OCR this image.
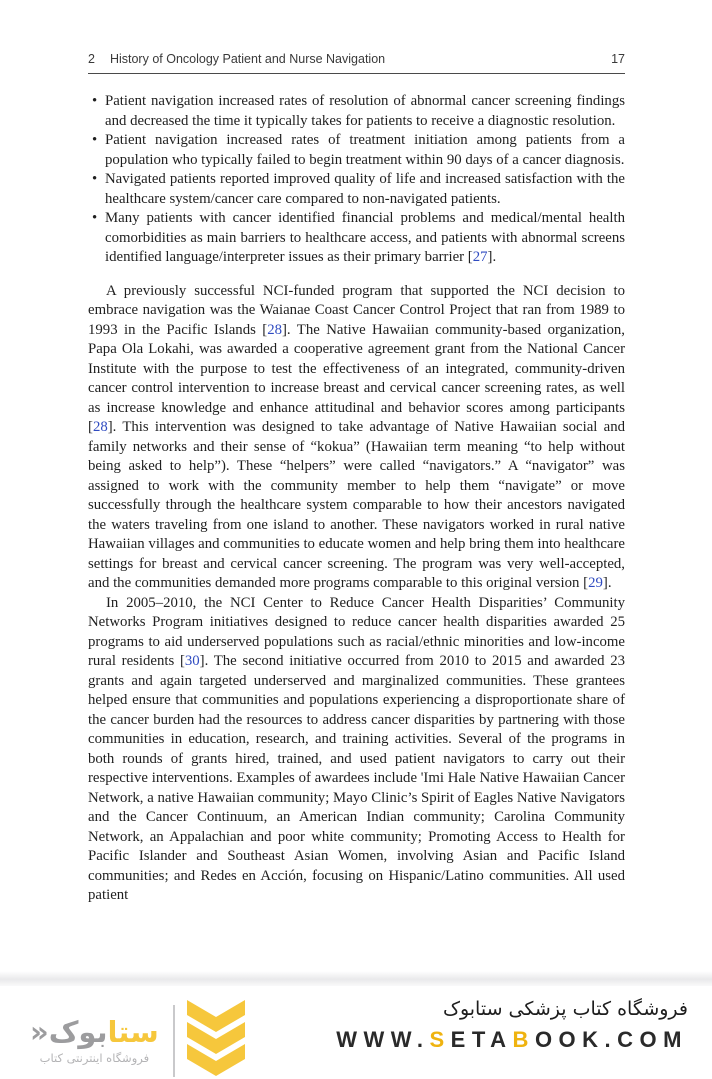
2 History of Oncology Patient and Nurse Navigation	17
• Patient navigation increased rates of resolution of abnormal cancer screening findings and decreased the time it typically takes for patients to receive a diagnostic resolution.
• Patient navigation increased rates of treatment initiation among patients from a population who typically failed to begin treatment within 90 days of a cancer diagnosis.
• Navigated patients reported improved quality of life and increased satisfaction with the healthcare system/cancer care compared to non-navigated patients.
• Many patients with cancer identified financial problems and medical/mental health comorbidities as main barriers to healthcare access, and patients with abnormal screens identified language/interpreter issues as their primary barrier [27].

A previously successful NCI-funded program that supported the NCI decision to embrace navigation was the Waianae Coast Cancer Control Project that ran from 1989 to 1993 in the Pacific Islands [28]. The Native Hawaiian community-based organization, Papa Ola Lokahi, was awarded a cooperative agreement grant from the National Cancer Institute with the purpose to test the effectiveness of an integrated, community-driven cancer control intervention to increase breast and cervical cancer screening rates, as well as increase knowledge and enhance attitudinal and behavior scores among participants [28]. This intervention was designed to take advantage of Native Hawaiian social and family networks and their sense of “kokua” (Hawaiian term meaning “to help without being asked to help”). These “helpers” were called “navigators.” A “navigator” was assigned to work with the community member to help them “navigate” or move successfully through the healthcare system comparable to how their ancestors navigated the waters traveling from one island to another. These navigators worked in rural native Hawaiian villages and communities to educate women and help bring them into healthcare settings for breast and cervical cancer screening. The program was very well-accepted, and the communities demanded more programs comparable to this original version [29].

In 2005–2010, the NCI Center to Reduce Cancer Health Disparities’ Community Networks Program initiatives designed to reduce cancer health disparities awarded 25 programs to aid underserved populations such as racial/ethnic minorities and low-income rural residents [30]. The second initiative occurred from 2010 to 2015 and awarded 23 grants and again targeted underserved and marginalized communities. These grantees helped ensure that communities and populations experiencing a disproportionate share of the cancer burden had the resources to address cancer disparities by partnering with those communities in education, research, and training activities. Several of the programs in both rounds of grants hired, trained, and used patient navigators to carry out their respective interventions. Examples of awardees include 'Imi Hale Native Hawaiian Cancer Network, a native Hawaiian community; Mayo Clinic’s Spirit of Eagles Native Navigators and the Cancer Continuum, an American Indian community; Carolina Community Network, an Appalachian and poor white community; Promoting Access to Health for Pacific Islander and Southeast Asian Women, involving Asian and Pacific Island communities; and Redes en Acción, focusing on Hispanic/Latino communities. All used patient

ستابوک«
فروشگاه اینترنتی کتاب
فروشگاه کتاب پزشکی ستابوک
WWW.SETABOOK.COM
